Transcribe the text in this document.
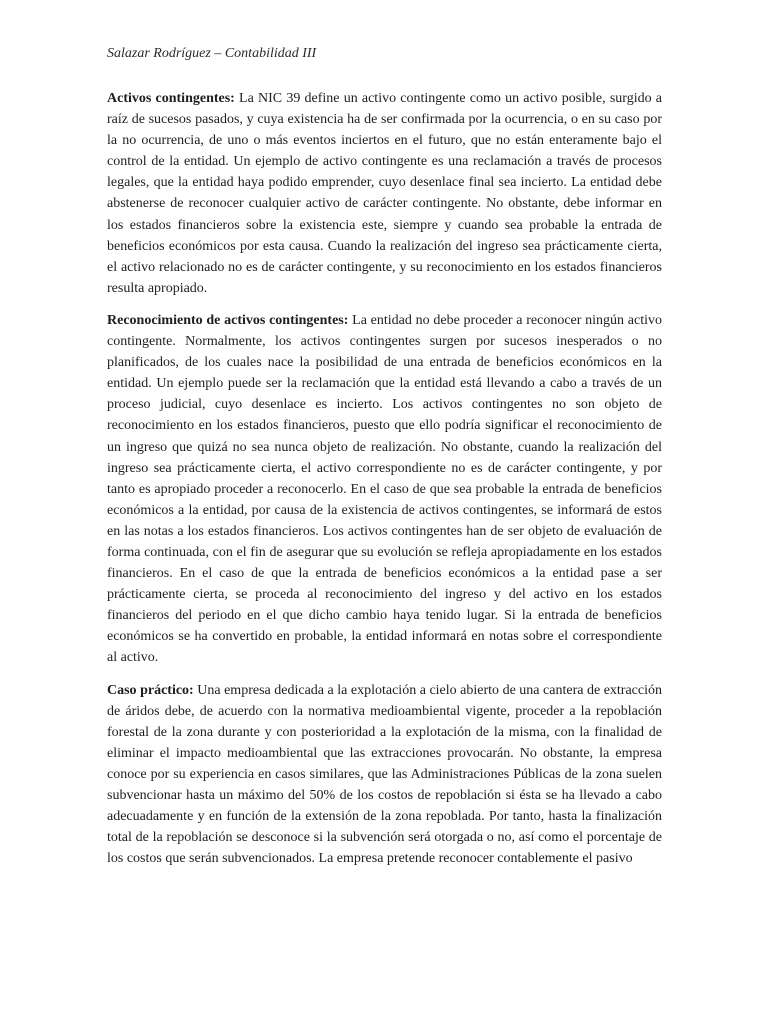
Salazar Rodríguez – Contabilidad III

Activos contingentes: La NIC 39 define un activo contingente como un activo posible, surgido a raíz de sucesos pasados, y cuya existencia ha de ser confirmada por la ocurrencia, o en su caso por la no ocurrencia, de uno o más eventos inciertos en el futuro, que no están enteramente bajo el control de la entidad. Un ejemplo de activo contingente es una reclamación a través de procesos legales, que la entidad haya podido emprender, cuyo desenlace final sea incierto. La entidad debe abstenerse de reconocer cualquier activo de carácter contingente. No obstante, debe informar en los estados financieros sobre la existencia este, siempre y cuando sea probable la entrada de beneficios económicos por esta causa. Cuando la realización del ingreso sea prácticamente cierta, el activo relacionado no es de carácter contingente, y su reconocimiento en los estados financieros resulta apropiado.

Reconocimiento de activos contingentes: La entidad no debe proceder a reconocer ningún activo contingente. Normalmente, los activos contingentes surgen por sucesos inesperados o no planificados, de los cuales nace la posibilidad de una entrada de beneficios económicos en la entidad. Un ejemplo puede ser la reclamación que la entidad está llevando a cabo a través de un proceso judicial, cuyo desenlace es incierto. Los activos contingentes no son objeto de reconocimiento en los estados financieros, puesto que ello podría significar el reconocimiento de un ingreso que quizá no sea nunca objeto de realización. No obstante, cuando la realización del ingreso sea prácticamente cierta, el activo correspondiente no es de carácter contingente, y por tanto es apropiado proceder a reconocerlo. En el caso de que sea probable la entrada de beneficios económicos a la entidad, por causa de la existencia de activos contingentes, se informará de estos en las notas a los estados financieros. Los activos contingentes han de ser objeto de evaluación de forma continuada, con el fin de asegurar que su evolución se refleja apropiadamente en los estados financieros. En el caso de que la entrada de beneficios económicos a la entidad pase a ser prácticamente cierta, se proceda al reconocimiento del ingreso y del activo en los estados financieros del periodo en el que dicho cambio haya tenido lugar. Si la entrada de beneficios económicos se ha convertido en probable, la entidad informará en notas sobre el correspondiente al activo.

Caso práctico: Una empresa dedicada a la explotación a cielo abierto de una cantera de extracción de áridos debe, de acuerdo con la normativa medioambiental vigente, proceder a la repoblación forestal de la zona durante y con posterioridad a la explotación de la misma, con la finalidad de eliminar el impacto medioambiental que las extracciones provocarán. No obstante, la empresa conoce por su experiencia en casos similares, que las Administraciones Públicas de la zona suelen subvencionar hasta un máximo del 50% de los costos de repoblación si ésta se ha llevado a cabo adecuadamente y en función de la extensión de la zona repoblada. Por tanto, hasta la finalización total de la repoblación se desconoce si la subvención será otorgada o no, así como el porcentaje de los costos que serán subvencionados. La empresa pretende reconocer contablemente el pasivo
